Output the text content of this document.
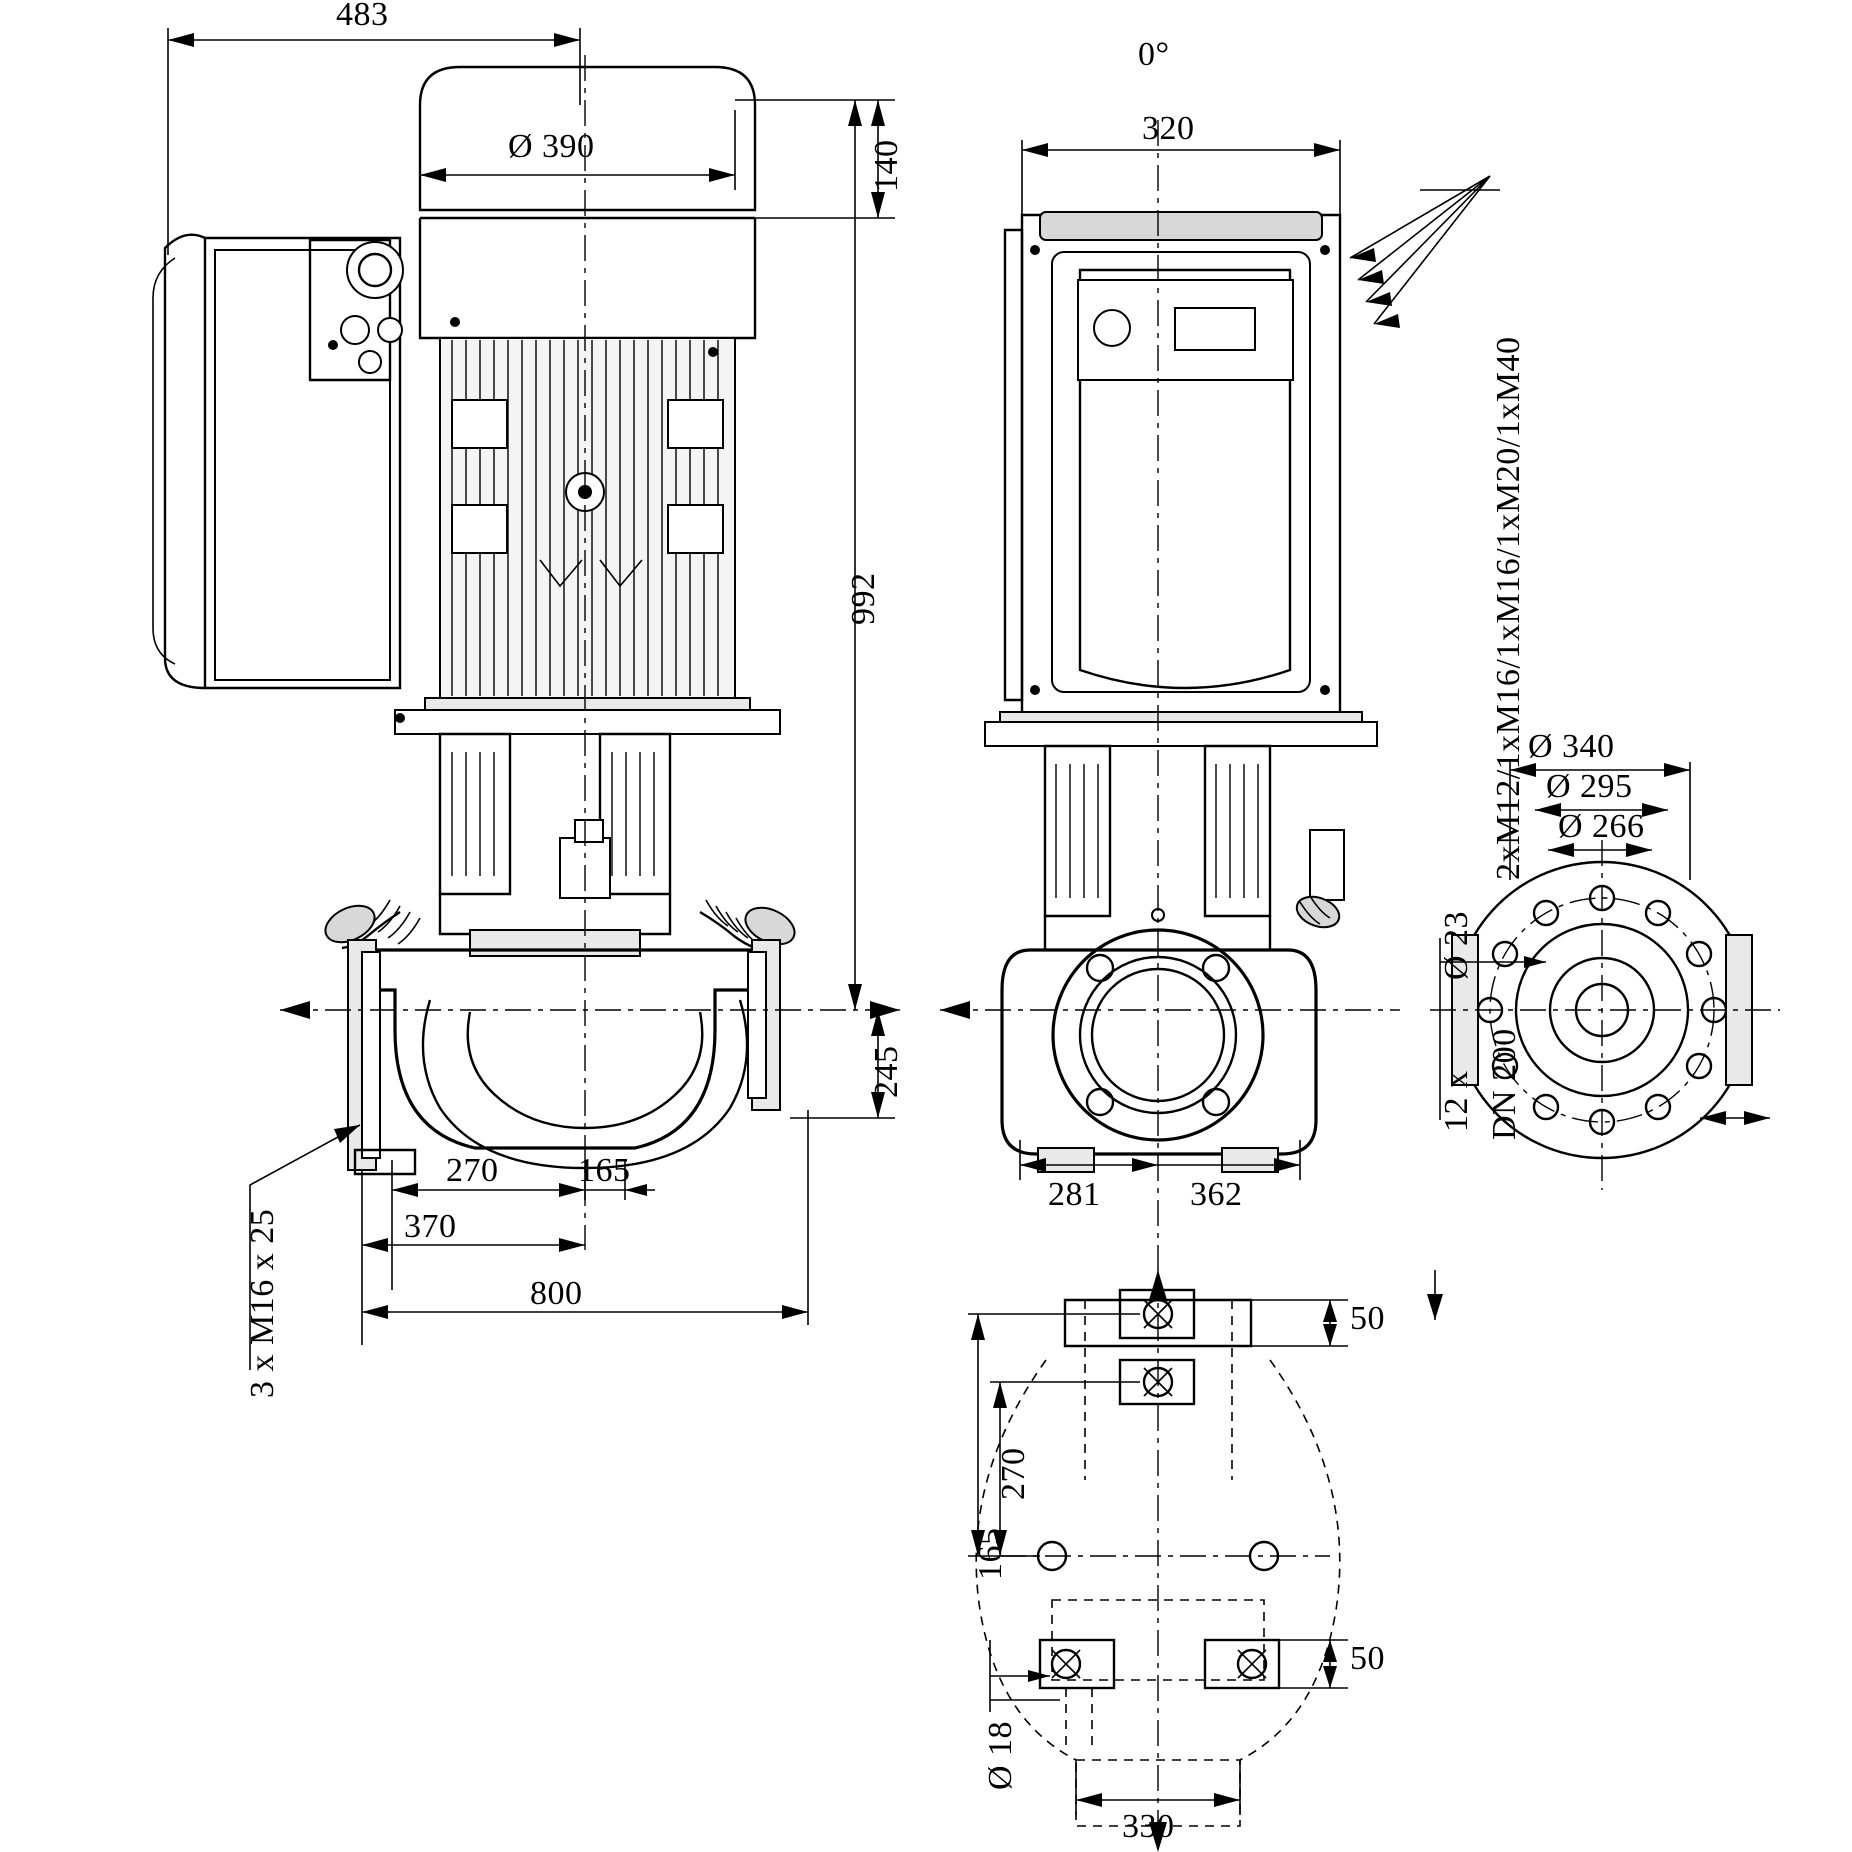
483
Ø 390	140
992
245
270 165
370
800
3 x M16 x 25
0°
320
2xM12/1xM16/1xM16/1xM20/1xM40
281	362
Ø 340
Ø 295
Ø 266
Ø 23
12 x DN 200
270
165
50
50
Ø 18
330
